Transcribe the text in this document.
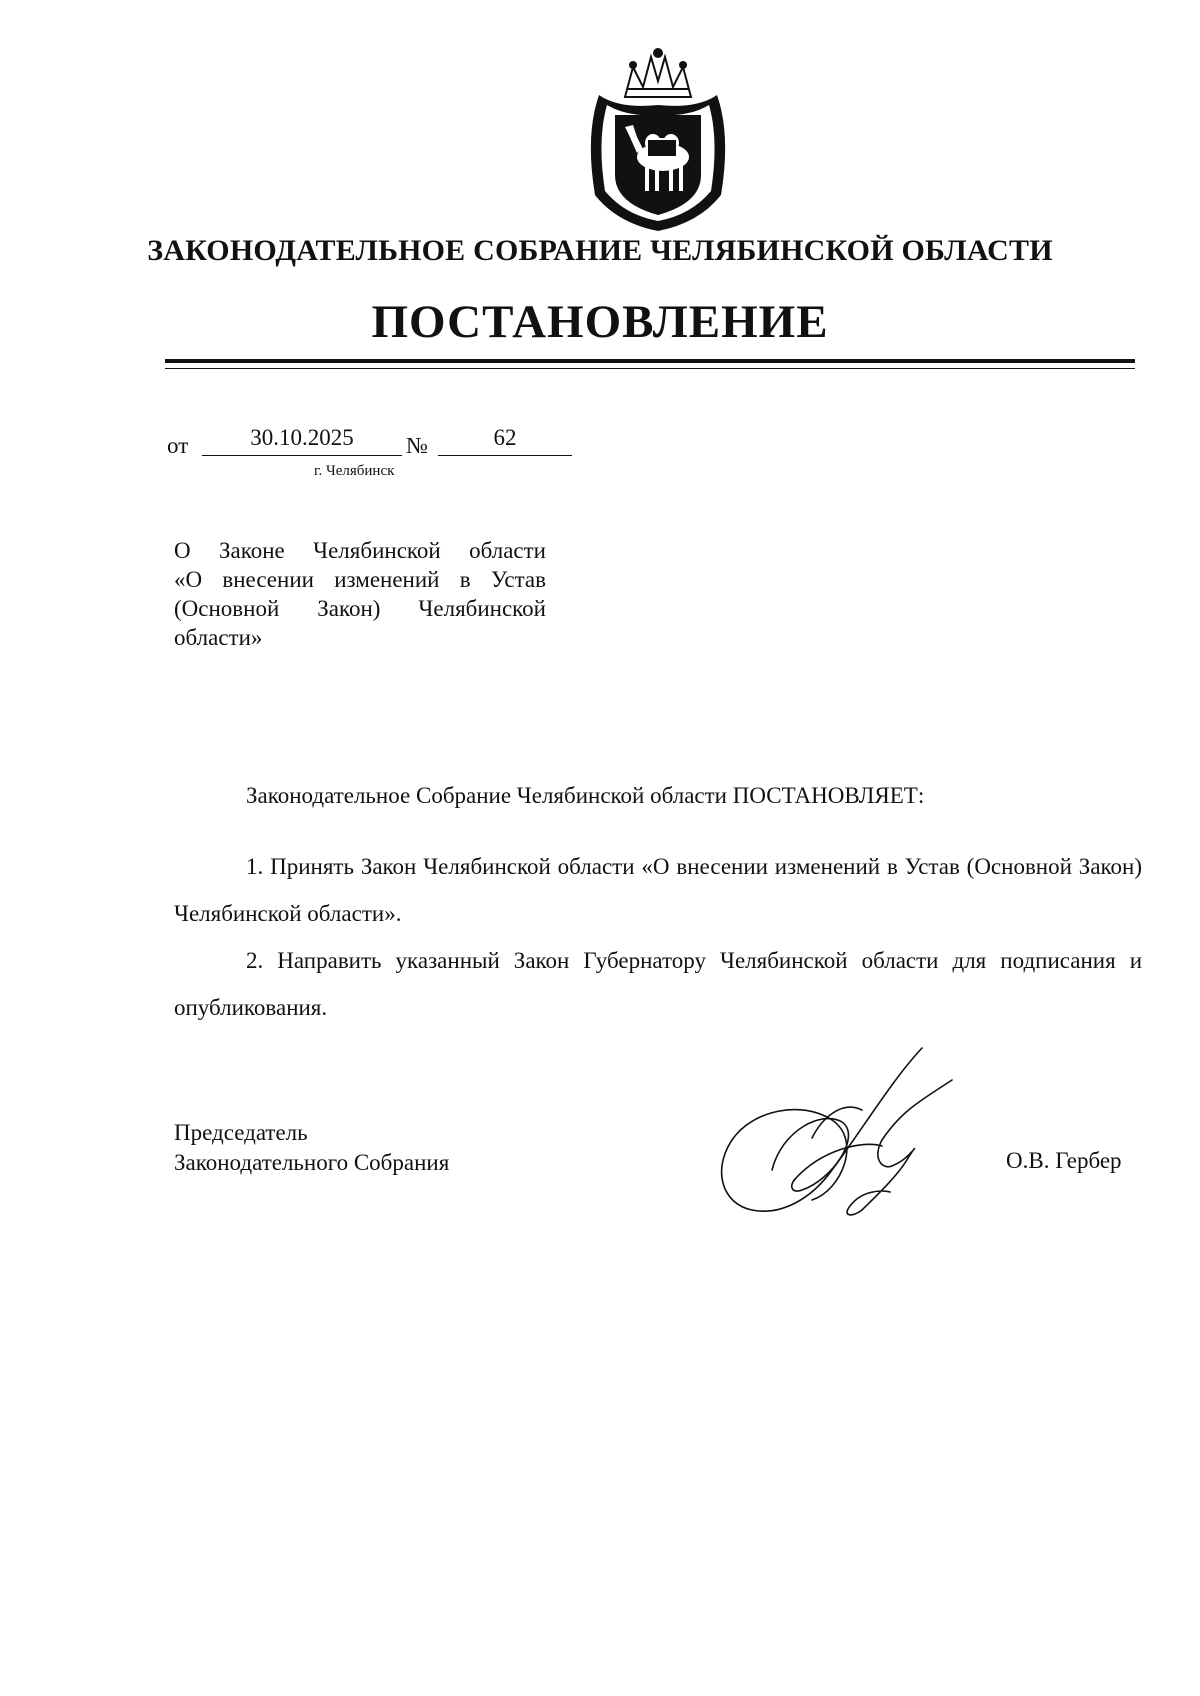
ЗАКОНОДАТЕЛЬНОЕ СОБРАНИЕ ЧЕЛЯБИНСКОЙ ОБЛАСТИ
ПОСТАНОВЛЕНИЕ
от	30.10.2025	№	62
г. Челябинск
О Законе Челябинской области
«О внесении изменений в Устав
(Основной Закон) Челябинской
области»

Законодательное Собрание Челябинской области ПОСТАНОВЛЯЕТ:

1. Принять Закон Челябинской области «О внесении изменений в Устав (Основной Закон) Челябинской области».

2. Направить указанный Закон Губернатору Челябинской области для подписания и опубликования.

Председатель
Законодательного Собрания	О.В. Гербер
